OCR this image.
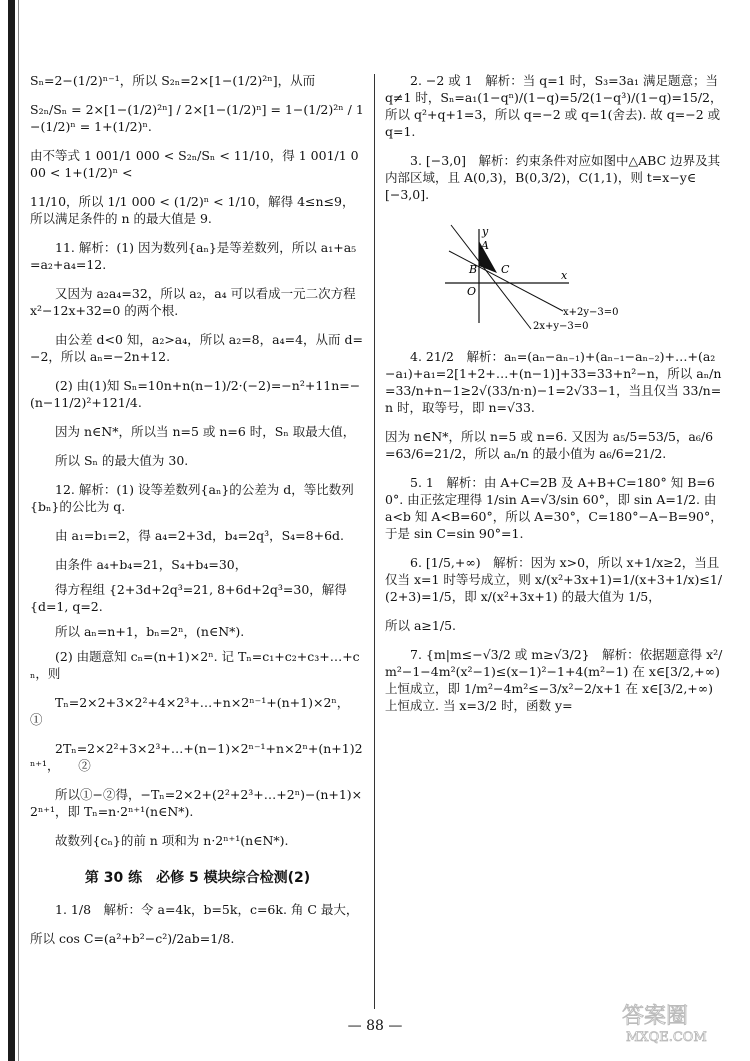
Sₙ=2−(1/2)ⁿ⁻¹，所以 S₂ₙ=2×[1−(1/2)²ⁿ]，从而

S₂ₙ/Sₙ = 2×[1−(1/2)²ⁿ] / 2×[1−(1/2)ⁿ] = 1−(1/2)²ⁿ / 1−(1/2)ⁿ = 1+(1/2)ⁿ.

由不等式 1 001/1 000 < S₂ₙ/Sₙ < 11/10，得 1 001/1 000 < 1+(1/2)ⁿ <

11/10，所以 1/1 000 < (1/2)ⁿ < 1/10，解得 4≤n≤9，所以满足条件的 n 的最大值是 9.

11. 解析：(1) 因为数列{aₙ}是等差数列，所以 a₁+a₅=a₂+a₄=12.

又因为 a₂a₄=32，所以 a₂，a₄ 可以看成一元二次方程 x²−12x+32=0 的两个根.

由公差 d<0 知，a₂>a₄，所以 a₂=8，a₄=4，从而 d=−2，所以 aₙ=−2n+12.

(2) 由(1)知 Sₙ=10n+n(n−1)/2·(−2)=−n²+11n=−(n−11/2)²+121/4.

因为 n∈N*，所以当 n=5 或 n=6 时，Sₙ 取最大值，

所以 Sₙ 的最大值为 30.

12. 解析：(1) 设等差数列{aₙ}的公差为 d，等比数列{bₙ}的公比为 q.

由 a₁=b₁=2，得 a₄=2+3d，b₄=2q³，S₄=8+6d.

由条件 a₄+b₄=21，S₄+b₄=30，

得方程组 {2+3d+2q³=21, 8+6d+2q³=30，解得 {d=1, q=2.

所以 aₙ=n+1，bₙ=2ⁿ，(n∈N*).

(2) 由题意知 cₙ=(n+1)×2ⁿ. 记 Tₙ=c₁+c₂+c₃+…+cₙ，则

Tₙ=2×2+3×2²+4×2³+…+n×2ⁿ⁻¹+(n+1)×2ⁿ，　　①

2Tₙ=2×2²+3×2³+…+(n−1)×2ⁿ⁻¹+n×2ⁿ+(n+1)2ⁿ⁺¹，　　②

所以①−②得，−Tₙ=2×2+(2²+2³+…+2ⁿ)−(n+1)×2ⁿ⁺¹，即 Tₙ=n·2ⁿ⁺¹(n∈N*).

故数列{cₙ}的前 n 项和为 n·2ⁿ⁺¹(n∈N*).

第 30 练　必修 5 模块综合检测(2)

1. 1/8　解析：令 a=4k，b=5k，c=6k. 角 C 最大，

所以 cos C=(a²+b²−c²)/2ab=1/8.

2. −2 或 1　解析：当 q=1 时，S₃=3a₁ 满足题意；当 q≠1 时，Sₙ=a₁(1−qⁿ)/(1−q)=5/2(1−q³)/(1−q)=15/2，所以 q²+q+1=3，所以 q=−2 或 q=1(舍去). 故 q=−2 或 q=1.

3. [−3,0]　解析：约束条件对应如图中△ABC 边界及其内部区域，且 A(0,3)，B(0,3/2)，C(1,1)，则 t=x−y∈[−3,0].

y
A
B C	x
O
x+2y−3=0
2x+y−3=0

4. 21/2　解析：aₙ=(aₙ−aₙ₋₁)+(aₙ₋₁−aₙ₋₂)+…+(a₂−a₁)+a₁=2[1+2+…+(n−1)]+33=33+n²−n，所以 aₙ/n=33/n+n−1≥2√(33/n·n)−1=2√33−1，当且仅当 33/n=n 时，取等号，即 n=√33.

因为 n∈N*，所以 n=5 或 n=6. 又因为 a₅/5=53/5，a₆/6=63/6=21/2，所以 aₙ/n 的最小值为 a₆/6=21/2.

5. 1　解析：由 A+C=2B 及 A+B+C=180° 知 B=60°. 由正弦定理得 1/sin A=√3/sin 60°，即 sin A=1/2. 由 a<b 知 A<B=60°，所以 A=30°，C=180°−A−B=90°，于是 sin C=sin 90°=1.

6. [1/5,+∞)　解析：因为 x>0，所以 x+1/x≥2，当且仅当 x=1 时等号成立，则 x/(x²+3x+1)=1/(x+3+1/x)≤1/(2+3)=1/5，即 x/(x²+3x+1) 的最大值为 1/5，

所以 a≥1/5.

7. {m|m≤−√3/2 或 m≥√3/2}　解析：依据题意得 x²/m²−1−4m²(x²−1)≤(x−1)²−1+4(m²−1) 在 x∈[3/2,+∞) 上恒成立，即 1/m²−4m²≤−3/x²−2/x+1 在 x∈[3/2,+∞) 上恒成立. 当 x=3/2 时，函数 y=

— 88 —	答案圈
MXQE.COM
